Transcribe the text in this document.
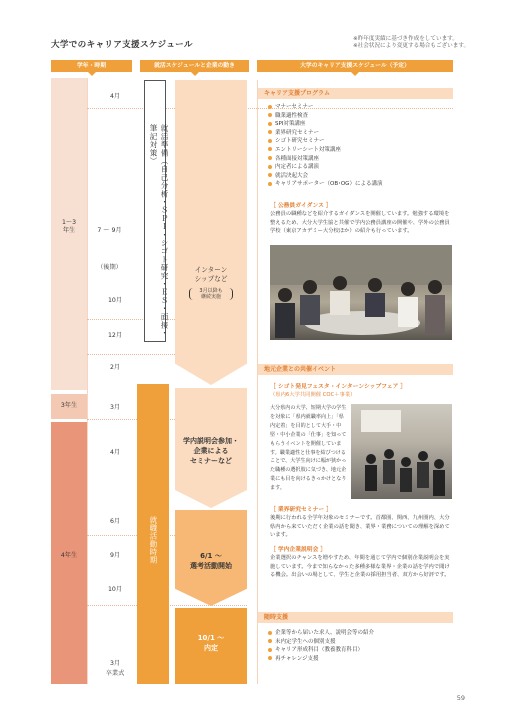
大学でのキャリア支援スケジュール
※昨年度実績に基づき作成をしています。
※社会状況により変更する場合もございます。
学年・時期	就活スケジュールと企業の動き	大学のキャリア支援スケジュール（予定）
1〜3
年生
3年生
4年生
4月
7 〜 9月
（後期）
10月
12月
2月
3月
4月
6月
9月
10月
3月
卒業式
就活準備（自己分析・ＳＰＩ・シゴト研究・ＥＳ・面接・筆記対策）
インターン
シップなど
3月以降も
継続実施
就職活動時期
学内説明会参加・
企業による
セミナーなど
6/1 〜
選考活動開始
10/1 〜
内定
キャリア支援プログラム
マナーセミナー
職業適性検査
SPI対策講座
業界研究セミナー
シゴト研究セミナー
エントリーシート対策講座
各種面接対策講座
内定者による講演
就活決起大会
キャリアサポーター（OB･OG）による講演
［ 公務員ガイダンス ］
公務員の職種などを紹介するガイダンスを開催しています。勉強する環境を整えるため、大分大学生協と共催で学内公務員講座の開催や、学外の公務員学校（東京アカデミー大分校ほか）の紹介も行っています。
地元企業との共催イベント
［ シゴト発見フェスタ・インターンシップフェア ］
（県内6大学共同開催 COC＋事業）
大分県内の大学、短期大学の学生を対象に「県内就職率向上」「県内定着」を目的として大手・中堅・中小企業の「仕事」を知ってもらうイベントを開催しています。職業適性と仕事を結びつけることで、大学生向けに幅が狭かった職種の選択肢に気づき、地元企業にも目を向けるきっかけとなります。
［ 業界研究セミナー ］
後期に行われる全学年対象のセミナーです。首都圏、関西、九州圏内、大分県内から来ていただく企業の話を聞き、業界・業務についての理解を深めています。
［ 学内企業説明会 ］
企業選択のチャンスを増やすため、年間を通じて学内で個別企業説明会を実施しています。今まで知らなかった多種多様な業界・企業の話を学内で聞ける機会。出会いの場として、学生と企業の採用担当者、双方から好評です。
随時支援
企業等から届いた求人、説明会等の紹介
未内定学生への個別支援
キャリア形成科目（教養教育科目）
再チャレンジ支援
59
